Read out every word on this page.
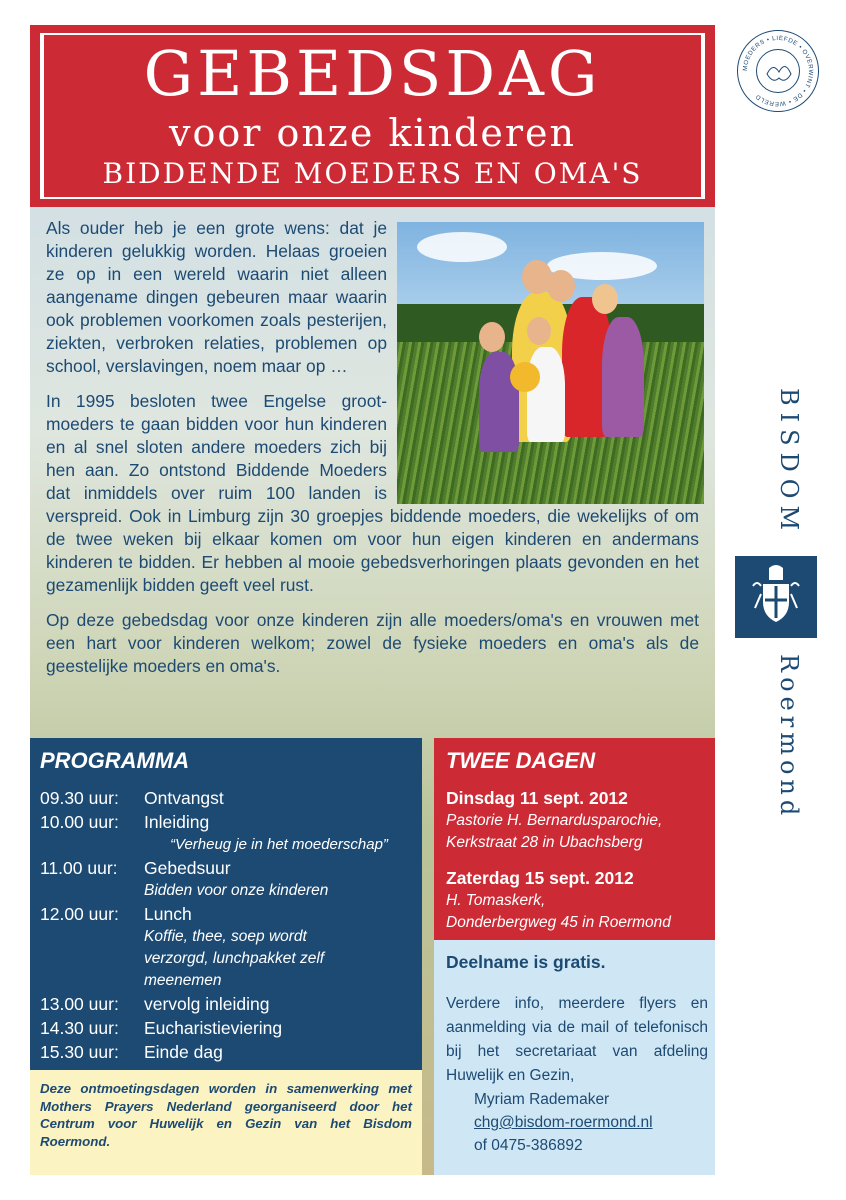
GEBEDSDAG
voor onze kinderen
BIDDENDE MOEDERS EN OMA'S

Als ouder heb je een grote wens: dat je kinderen gelukkig worden. Helaas groeien ze op in een wereld waarin niet alleen aangename dingen gebeuren maar waarin ook problemen voorkomen zoals pesterijen, ziekten, verbroken relaties, problemen op school, verslavingen, noem maar op …

In 1995 besloten twee Engelse groot-moeders te gaan bidden voor hun kinderen en al snel sloten andere moeders zich bij hen aan. Zo ontstond Biddende Moeders dat inmiddels over ruim 100 landen is verspreid. Ook in Limburg zijn 30 groepjes biddende moeders, die wekelijks of om de twee weken bij elkaar komen om voor hun eigen kinderen en andermans kinderen te bidden. Er hebben al mooie gebedsverhoringen plaats gevonden en het gezamenlijk bidden geeft veel rust.

Op deze gebedsdag voor onze kinderen zijn alle moeders/oma's en vrouwen met een hart voor kinderen welkom; zowel de fysieke moeders en oma's als de geestelijke moeders en oma's.

PROGRAMMA
09.30 uur:	Ontvangst
10.00 uur:	Inleiding
“Verheug je in het moederschap”
11.00 uur:	Gebedsuur
Bidden voor onze kinderen
12.00 uur:	Lunch
Koffie, thee, soep wordt verzorgd, lunchpakket zelf meenemen
13.00 uur:	vervolg inleiding
14.30 uur:	Eucharistieviering
15.30 uur:	Einde dag
TWEE DAGEN
Dinsdag 11 sept. 2012
Pastorie H. Bernardusparochie,
Kerkstraat 28 in Ubachsberg
Zaterdag 15 sept. 2012
H. Tomaskerk,
Donderbergweg 45 in Roermond
Deelname is gratis.

Verdere info, meerdere flyers en aanmelding via de mail of telefonisch bij het secretariaat van afdeling Huwelijk en Gezin,

Myriam Rademaker
chg@bisdom-roermond.nl
of 0475-386892
Deze ontmoetingsdagen worden in samenwerking met Mothers Prayers Nederland georganiseerd door het Centrum voor Huwelijk en Gezin van het Bisdom Roermond.
MOEDERS • LIEFDE • OVERWINT • DE • WERELD
BISDOM
Roermond
